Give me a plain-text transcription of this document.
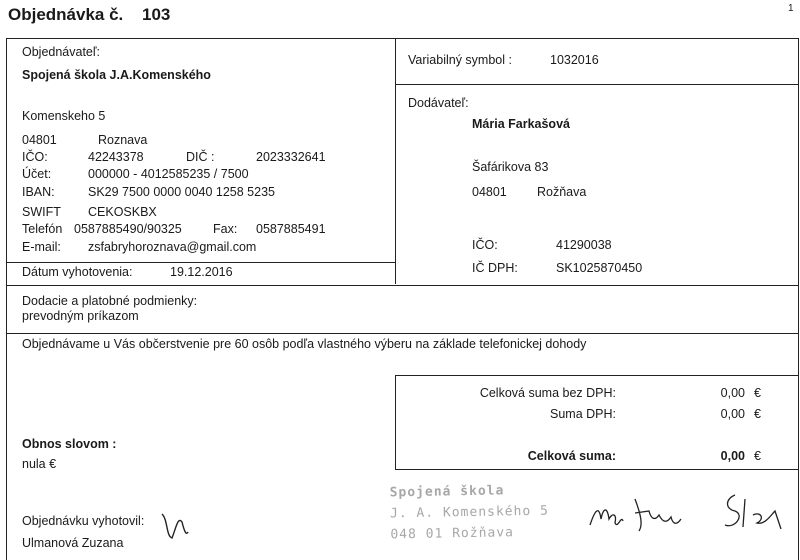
Objednávka č. 103	1
Objednávateľ:
Spojená škola J.A.Komenského
Komenskeho 5
04801	Roznava
IČO:	42243378	DIČ :	2023332641
Účet:	000000 - 4012585235 / 7500
IBAN:	SK29 7500 0000 0040 1258 5235
SWIFT CEKOSKBX
Telefón 0587885490/90325 Fax: 0587885491
E-mail: zsfabryhoroznava@gmail.com
Dátum vyhotovenia:	19.12.2016
Variabilný symbol :	1032016
Dodávateľ:
Mária Farkašová
Šafárikova 83
04801 Rožňava
IČO:	41290038
IČ DPH:	SK1025870450
Dodacie a platobné podmienky:
prevodným príkazom
Objednávame u Vás občerstvenie pre 60 osôb podľa vlastného výberu na základe telefonickej dohody
Celková suma bez DPH:	0,00 €
Suma DPH:	0,00 €
Celková suma:	0,00 €
Obnos slovom :
nula €
Objednávku vyhotovil:
Ulmanová Zuzana
Spojená škola
J. A. Komenského 5
048 01 Rožňava
